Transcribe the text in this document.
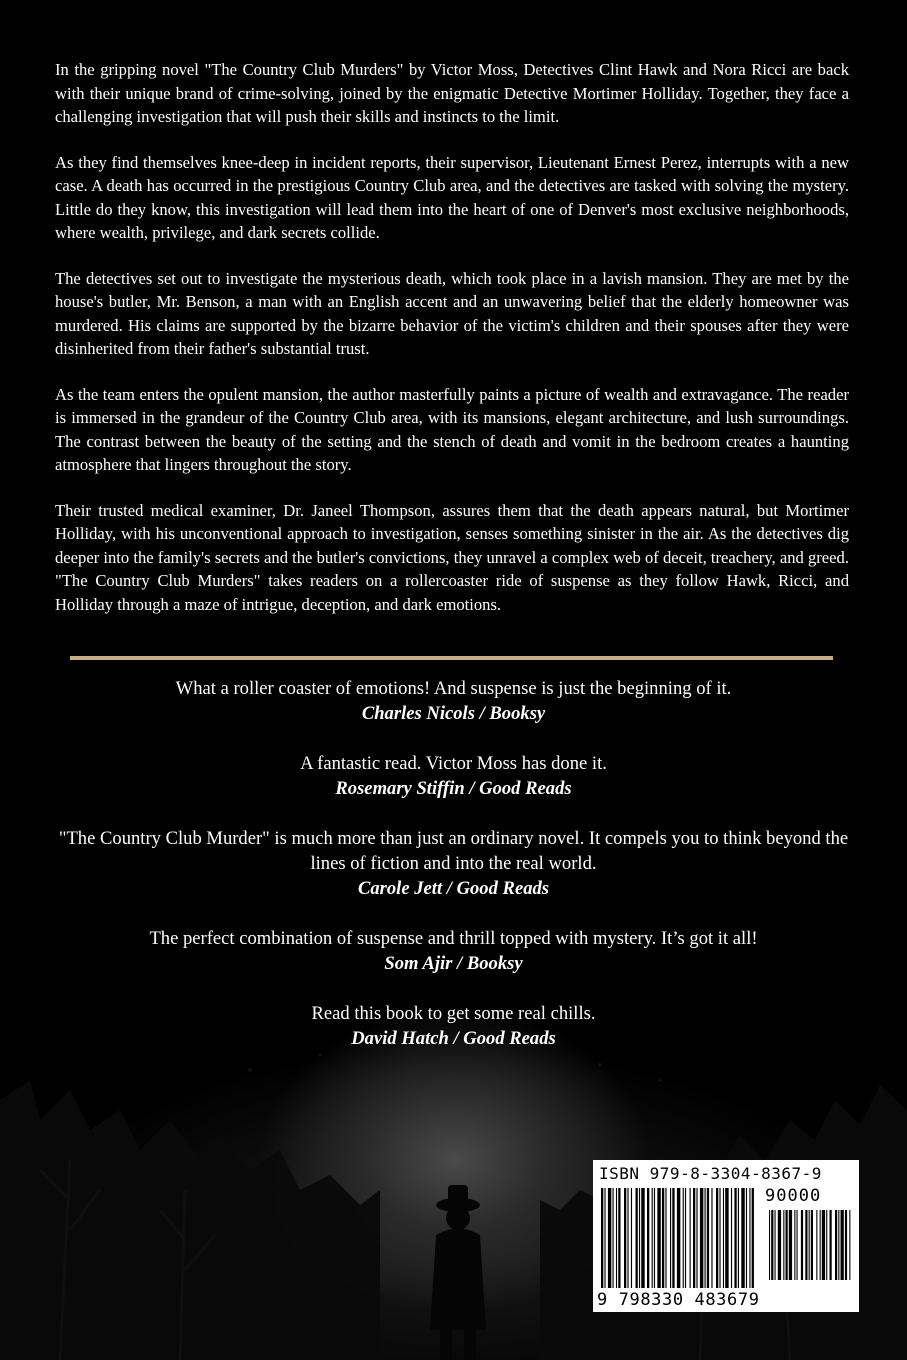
In the gripping novel "The Country Club Murders" by Victor Moss, Detectives Clint Hawk and Nora Ricci are back with their unique brand of crime-solving, joined by the enigmatic Detective Mortimer Holliday. Together, they face a challenging investigation that will push their skills and instincts to the limit.

As they find themselves knee-deep in incident reports, their supervisor, Lieutenant Ernest Perez, interrupts with a new case. A death has occurred in the prestigious Country Club area, and the detectives are tasked with solving the mystery. Little do they know, this investigation will lead them into the heart of one of Denver's most exclusive neighborhoods, where wealth, privilege, and dark secrets collide.

The detectives set out to investigate the mysterious death, which took place in a lavish mansion. They are met by the house's butler, Mr. Benson, a man with an English accent and an unwavering belief that the elderly homeowner was murdered. His claims are supported by the bizarre behavior of the victim's children and their spouses after they were disinherited from their father's substantial trust.

As the team enters the opulent mansion, the author masterfully paints a picture of wealth and extravagance. The reader is immersed in the grandeur of the Country Club area, with its mansions, elegant architecture, and lush surroundings. The contrast between the beauty of the setting and the stench of death and vomit in the bedroom creates a haunting atmosphere that lingers throughout the story.

Their trusted medical examiner, Dr. Janeel Thompson, assures them that the death appears natural, but Mortimer Holliday, with his unconventional approach to investigation, senses something sinister in the air. As the detectives dig deeper into the family's secrets and the butler's convictions, they unravel a complex web of deceit, treachery, and greed. "The Country Club Murders" takes readers on a rollercoaster ride of suspense as they follow Hawk, Ricci, and Holliday through a maze of intrigue, deception, and dark emotions.

What a roller coaster of emotions! And suspense is just the beginning of it.
Charles Nicols / Booksy
A fantastic read. Victor Moss has done it.
Rosemary Stiffin / Good Reads
"The Country Club Murder" is much more than just an ordinary novel. It compels you to think beyond the lines of fiction and into the real world.
Carole Jett / Good Reads
The perfect combination of suspense and thrill topped with mystery. It’s got it all!
Som Ajir / Booksy
Read this book to get some real chills.
David Hatch / Good Reads
ISBN 979-8-3304-8367-9
90000
9 798330 483679
